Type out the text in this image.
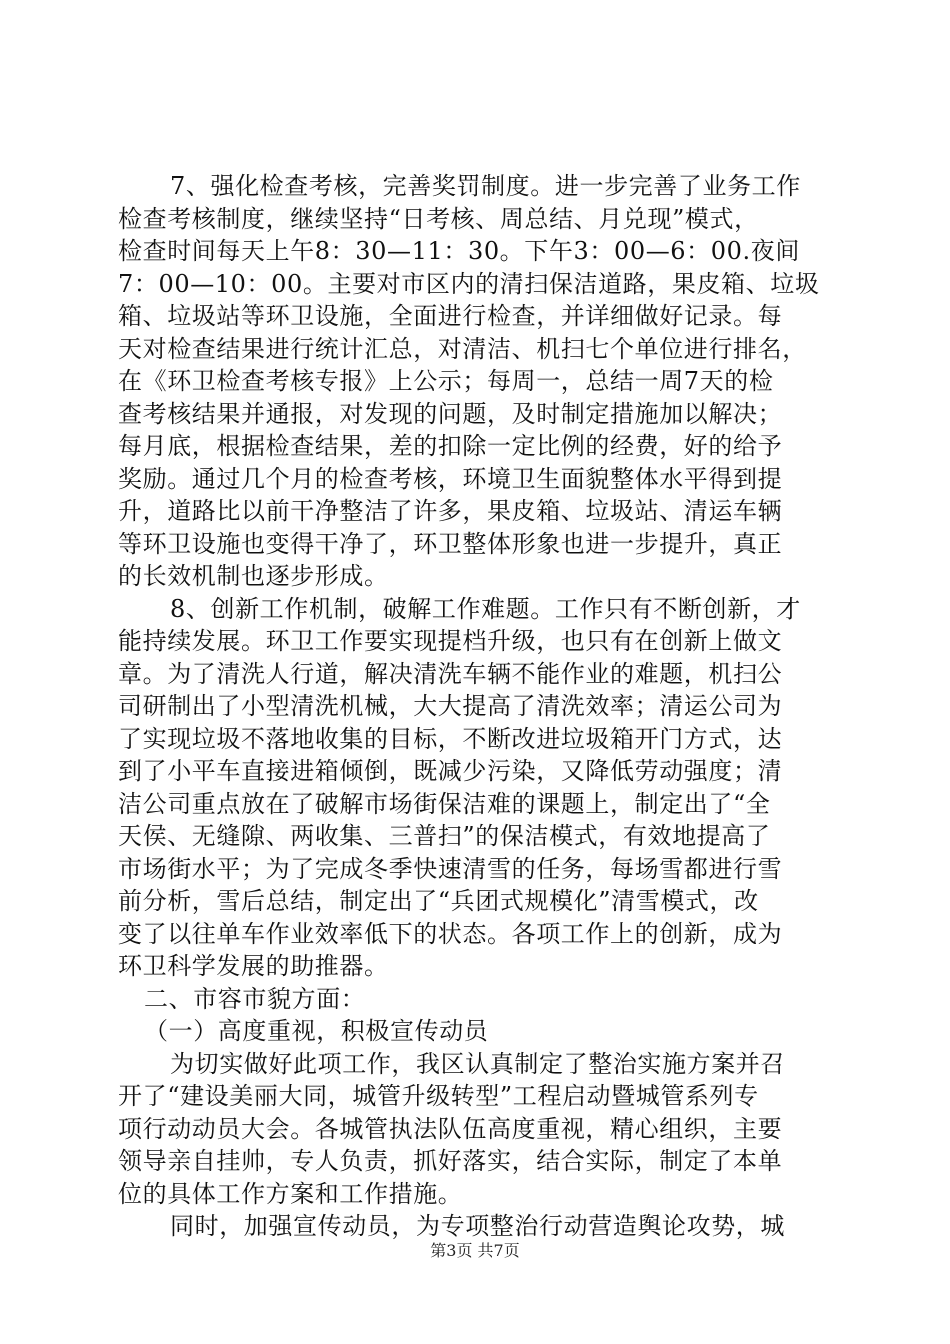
7、强化检查考核，完善奖罚制度。进一步完善了业务工作
检查考核制度，继续坚持“日考核、周总结、月兑现”模式，
检查时间每天上午8：30—11：30。下午3：00—6：00.夜间
7：00—10：00。主要对市区内的清扫保洁道路，果皮箱、垃圾
箱、垃圾站等环卫设施，全面进行检查，并详细做好记录。每
天对检查结果进行统计汇总，对清洁、机扫七个单位进行排名，
在《环卫检查考核专报》上公示；每周一，总结一周7天的检
查考核结果并通报，对发现的问题，及时制定措施加以解决；
每月底，根据检查结果，差的扣除一定比例的经费，好的给予
奖励。通过几个月的检查考核，环境卫生面貌整体水平得到提
升，道路比以前干净整洁了许多，果皮箱、垃圾站、清运车辆
等环卫设施也变得干净了，环卫整体形象也进一步提升，真正
的长效机制也逐步形成。
8、创新工作机制，破解工作难题。工作只有不断创新，才
能持续发展。环卫工作要实现提档升级，也只有在创新上做文
章。为了清洗人行道，解决清洗车辆不能作业的难题，机扫公
司研制出了小型清洗机械，大大提高了清洗效率；清运公司为
了实现垃圾不落地收集的目标，不断改进垃圾箱开门方式，达
到了小平车直接进箱倾倒，既减少污染，又降低劳动强度；清
洁公司重点放在了破解市场街保洁难的课题上，制定出了“全
天侯、无缝隙、两收集、三普扫”的保洁模式，有效地提高了
市场街水平；为了完成冬季快速清雪的任务，每场雪都进行雪
前分析，雪后总结，制定出了“兵团式规模化”清雪模式，改
变了以往单车作业效率低下的状态。各项工作上的创新，成为
环卫科学发展的助推器。
二、市容市貌方面：
（一）高度重视，积极宣传动员
为切实做好此项工作，我区认真制定了整治实施方案并召
开了“建设美丽大同，城管升级转型”工程启动暨城管系列专
项行动动员大会。各城管执法队伍高度重视，精心组织，主要
领导亲自挂帅，专人负责，抓好落实，结合实际，制定了本单
位的具体工作方案和工作措施。
同时，加强宣传动员，为专项整治行动营造舆论攻势，城
第3页 共7页
